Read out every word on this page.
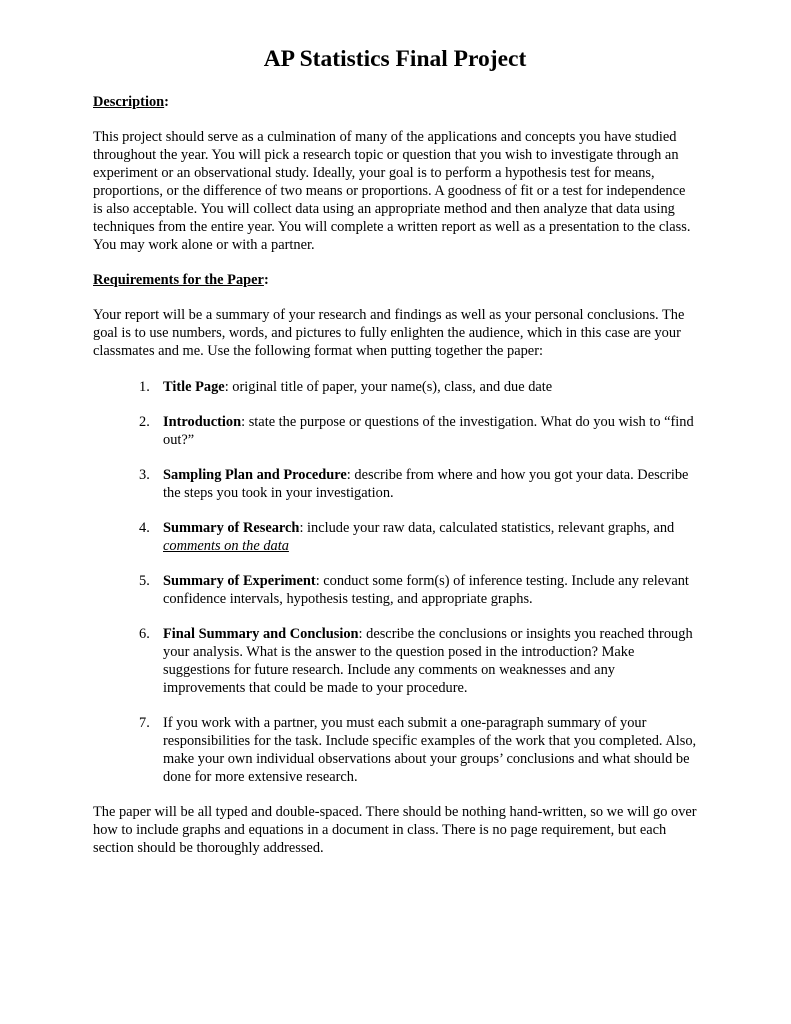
AP Statistics Final Project
Description:

This project should serve as a culmination of many of the applications and concepts you have studied throughout the year. You will pick a research topic or question that you wish to investigate through an experiment or an observational study. Ideally, your goal is to perform a hypothesis test for means, proportions, or the difference of two means or proportions. A goodness of fit or a test for independence is also acceptable. You will collect data using an appropriate method and then analyze that data using techniques from the entire year. You will complete a written report as well as a presentation to the class. You may work alone or with a partner.

Requirements for the Paper:

Your report will be a summary of your research and findings as well as your personal conclusions. The goal is to use numbers, words, and pictures to fully enlighten the audience, which in this case are your classmates and me. Use the following format when putting together the paper:

1. Title Page: original title of paper, your name(s), class, and due date
2. Introduction: state the purpose or questions of the investigation. What do you wish to “find out?”
3. Sampling Plan and Procedure: describe from where and how you got your data. Describe the steps you took in your investigation.
4. Summary of Research: include your raw data, calculated statistics, relevant graphs, and comments on the data
5. Summary of Experiment: conduct some form(s) of inference testing. Include any relevant confidence intervals, hypothesis testing, and appropriate graphs.
6. Final Summary and Conclusion: describe the conclusions or insights you reached through your analysis. What is the answer to the question posed in the introduction? Make suggestions for future research. Include any comments on weaknesses and any improvements that could be made to your procedure.
7. If you work with a partner, you must each submit a one-paragraph summary of your responsibilities for the task. Include specific examples of the work that you completed. Also, make your own individual observations about your groups’ conclusions and what should be done for more extensive research.

The paper will be all typed and double-spaced. There should be nothing hand-written, so we will go over how to include graphs and equations in a document in class. There is no page requirement, but each section should be thoroughly addressed.
